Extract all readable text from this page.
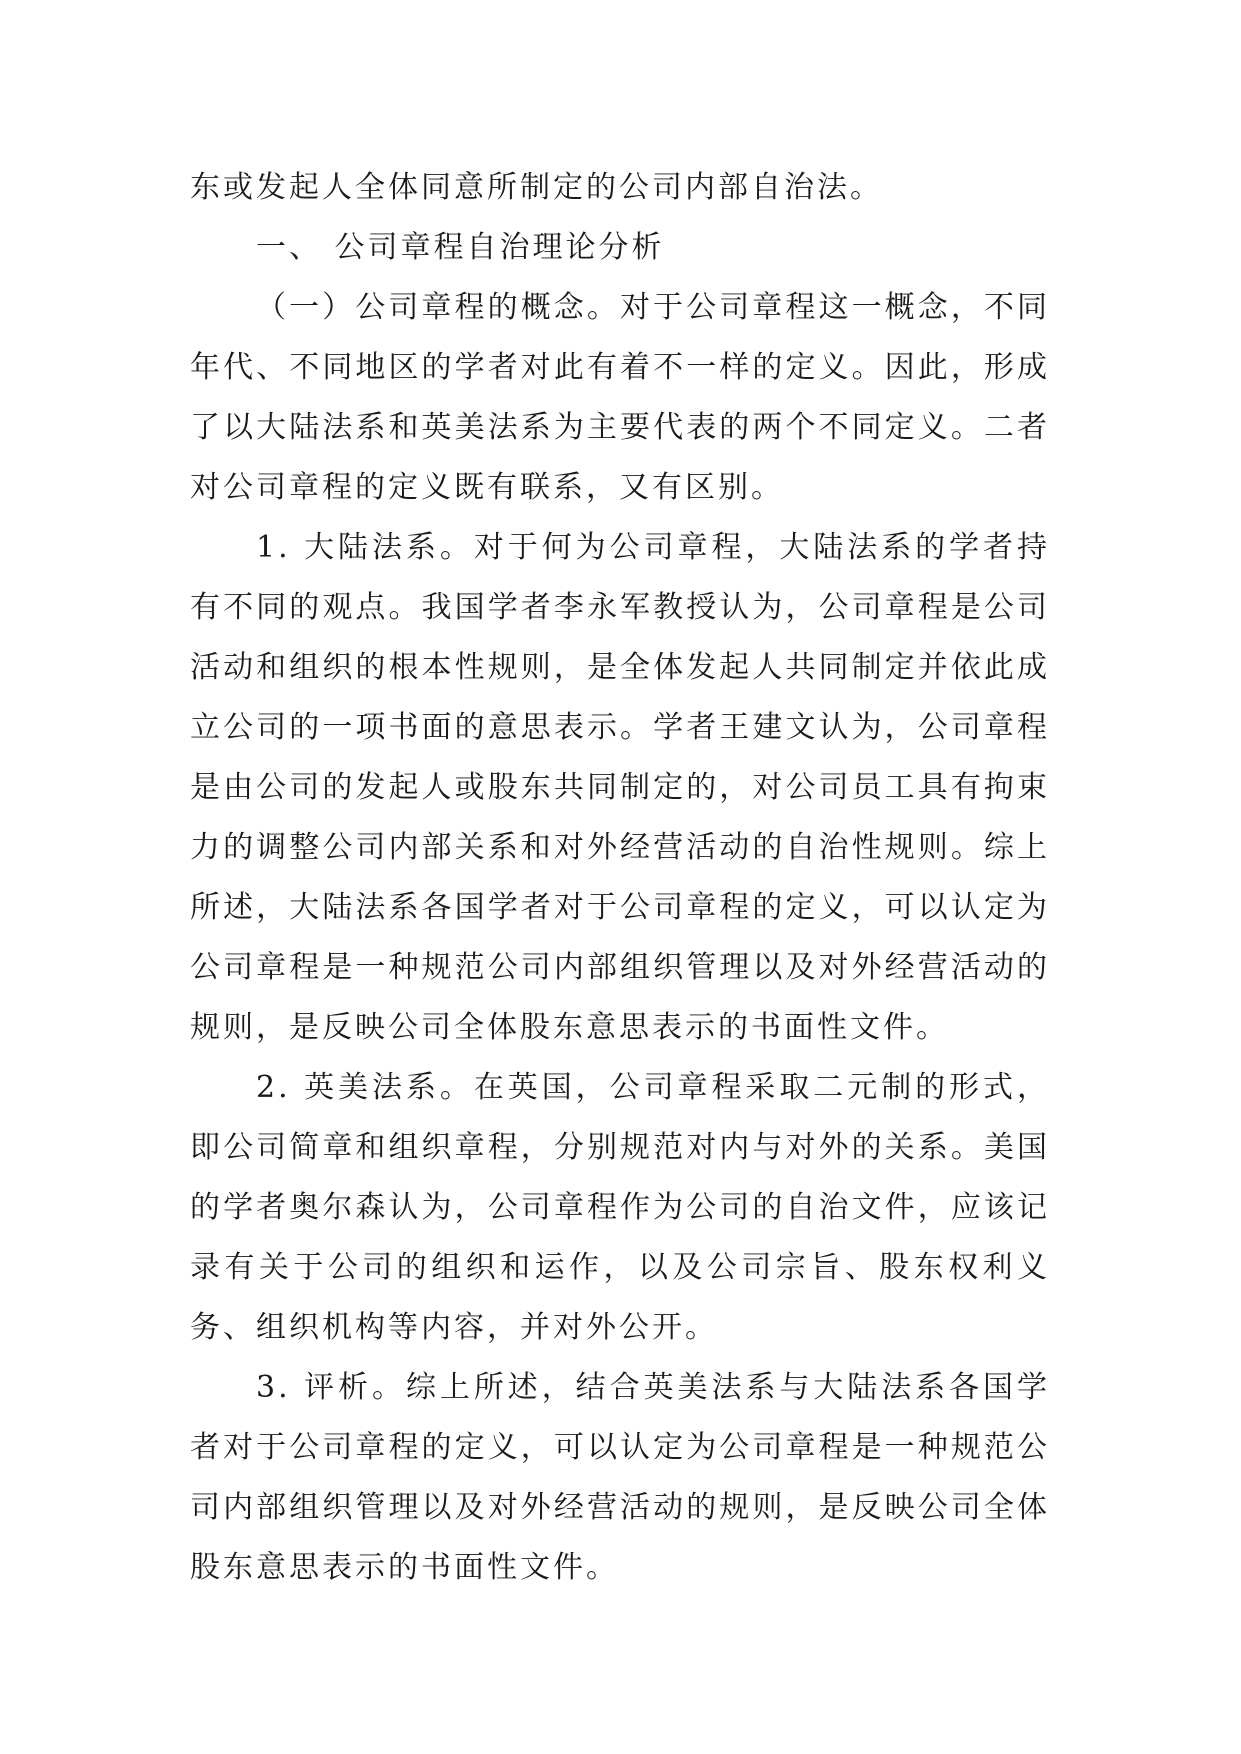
东或发起人全体同意所制定的公司内部自治法。

一、 公司章程自治理论分析

（一）公司章程的概念。对于公司章程这一概念，不同年代、不同地区的学者对此有着不一样的定义。因此，形成了以大陆法系和英美法系为主要代表的两个不同定义。二者对公司章程的定义既有联系，又有区别。

1. 大陆法系。对于何为公司章程，大陆法系的学者持有不同的观点。我国学者李永军教授认为，公司章程是公司活动和组织的根本性规则，是全体发起人共同制定并依此成立公司的一项书面的意思表示。学者王建文认为，公司章程是由公司的发起人或股东共同制定的，对公司员工具有拘束力的调整公司内部关系和对外经营活动的自治性规则。综上所述，大陆法系各国学者对于公司章程的定义，可以认定为公司章程是一种规范公司内部组织管理以及对外经营活动的规则，是反映公司全体股东意思表示的书面性文件。

2. 英美法系。在英国，公司章程采取二元制的形式，即公司简章和组织章程，分别规范对内与对外的关系。美国的学者奥尔森认为，公司章程作为公司的自治文件，应该记录有关于公司的组织和运作，以及公司宗旨、股东权利义务、组织机构等内容，并对外公开。

3. 评析。综上所述，结合英美法系与大陆法系各国学者对于公司章程的定义，可以认定为公司章程是一种规范公司内部组织管理以及对外经营活动的规则，是反映公司全体股东意思表示的书面性文件。
